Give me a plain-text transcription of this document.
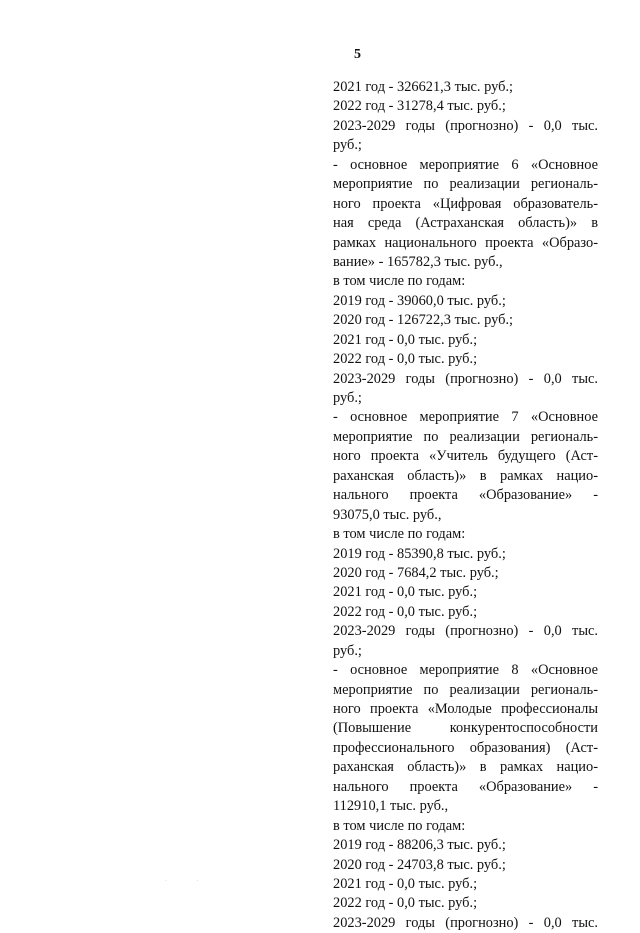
5
2021 год - 326621,3 тыс. руб.;
2022 год - 31278,4 тыс. руб.;
2023-2029 годы (прогнозно) - 0,0 тыс.
руб.;
- основное мероприятие 6 «Основное
мероприятие по реализации региональ-
ного проекта «Цифровая образователь-
ная среда (Астраханская область)» в
рамках национального проекта «Образо-
вание» - 165782,3 тыс. руб.,
в том числе по годам:
2019 год - 39060,0 тыс. руб.;
2020 год - 126722,3 тыс. руб.;
2021 год - 0,0 тыс. руб.;
2022 год - 0,0 тыс. руб.;
2023-2029 годы (прогнозно) - 0,0 тыс.
руб.;
- основное мероприятие 7 «Основное
мероприятие по реализации региональ-
ного проекта «Учитель будущего (Аст-
раханская область)» в рамках нацио-
нального проекта «Образование» -
93075,0 тыс. руб.,
в том числе по годам:
2019 год - 85390,8 тыс. руб.;
2020 год - 7684,2 тыс. руб.;
2021 год - 0,0 тыс. руб.;
2022 год - 0,0 тыс. руб.;
2023-2029 годы (прогнозно) - 0,0 тыс.
руб.;
- основное мероприятие 8 «Основное
мероприятие по реализации региональ-
ного проекта «Молодые профессионалы
(Повышение конкурентоспособности
профессионального образования) (Аст-
раханская область)» в рамках нацио-
нального проекта «Образование» -
112910,1 тыс. руб.,
в том числе по годам:
2019 год - 88206,3 тыс. руб.;
2020 год - 24703,8 тыс. руб.;
2021 год - 0,0 тыс. руб.;
2022 год - 0,0 тыс. руб.;
2023-2029 годы (прогнозно) - 0,0 тыс.
· ·
